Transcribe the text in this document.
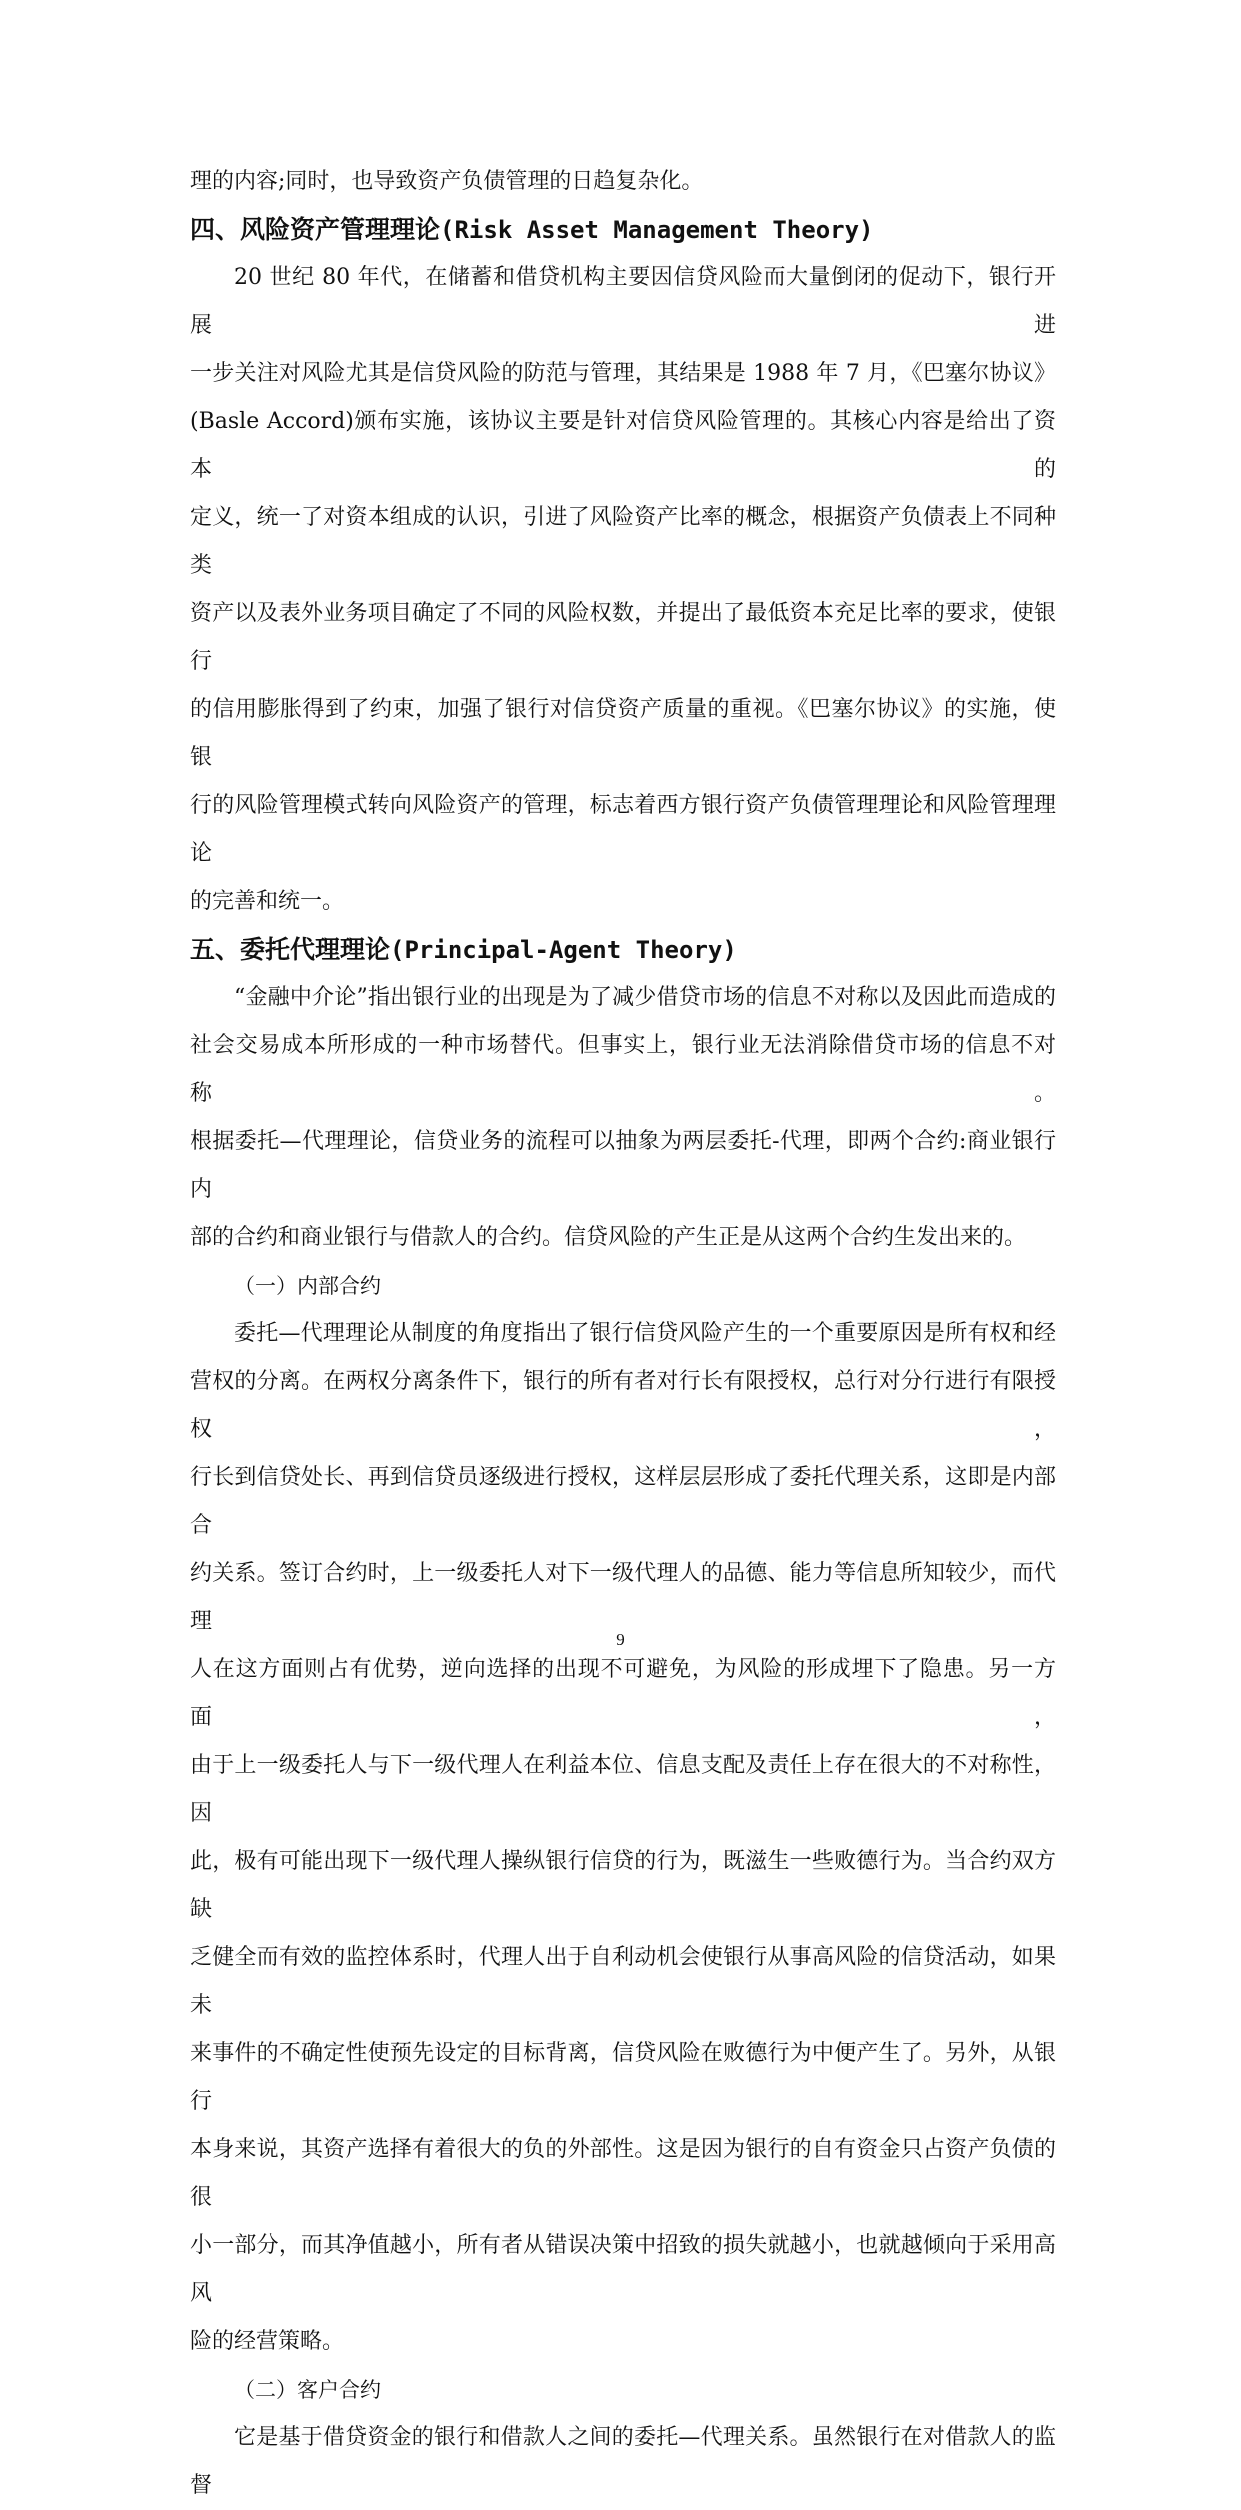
理的内容;同时，也导致资产负债管理的日趋复杂化。

四、风险资产管理理论(Risk Asset Management Theory)

20 世纪 80 年代，在储蓄和借贷机构主要因信贷风险而大量倒闭的促动下，银行开展进

一步关注对风险尤其是信贷风险的防范与管理，其结果是 1988 年 7 月，《巴塞尔协议》

(Basle Accord)颁布实施，该协议主要是针对信贷风险管理的。其核心内容是给出了资本的

定义，统一了对资本组成的认识，引进了风险资产比率的概念，根据资产负债表上不同种类

资产以及表外业务项目确定了不同的风险权数，并提出了最低资本充足比率的要求，使银行

的信用膨胀得到了约束，加强了银行对信贷资产质量的重视。《巴塞尔协议》的实施，使银

行的风险管理模式转向风险资产的管理，标志着西方银行资产负债管理理论和风险管理理论

的完善和统一。

五、委托代理理论(Principal-Agent Theory)

“金融中介论”指出银行业的出现是为了减少借贷市场的信息不对称以及因此而造成的

社会交易成本所形成的一种市场替代。但事实上，银行业无法消除借贷市场的信息不对称。

根据委托—代理理论，信贷业务的流程可以抽象为两层委托-代理，即两个合约:商业银行内

部的合约和商业银行与借款人的合约。信贷风险的产生正是从这两个合约生发出来的。

（一）内部合约

委托—代理理论从制度的角度指出了银行信贷风险产生的一个重要原因是所有权和经

营权的分离。在两权分离条件下，银行的所有者对行长有限授权，总行对分行进行有限授权，

行长到信贷处长、再到信贷员逐级进行授权，这样层层形成了委托代理关系，这即是内部合

约关系。签订合约时，上一级委托人对下一级代理人的品德、能力等信息所知较少，而代理

人在这方面则占有优势，逆向选择的出现不可避免，为风险的形成埋下了隐患。另一方面，

由于上一级委托人与下一级代理人在利益本位、信息支配及责任上存在很大的不对称性，因

此，极有可能出现下一级代理人操纵银行信贷的行为，既滋生一些败德行为。当合约双方缺

乏健全而有效的监控体系时，代理人出于自利动机会使银行从事高风险的信贷活动，如果未

来事件的不确定性使预先设定的目标背离，信贷风险在败德行为中便产生了。另外，从银行

本身来说，其资产选择有着很大的负的外部性。这是因为银行的自有资金只占资产负债的很

小一部分，而其净值越小，所有者从错误决策中招致的损失就越小，也就越倾向于采用高风

险的经营策略。

（二）客户合约

它是基于借贷资金的银行和借款人之间的委托—代理关系。虽然银行在对借款人的监督

9
